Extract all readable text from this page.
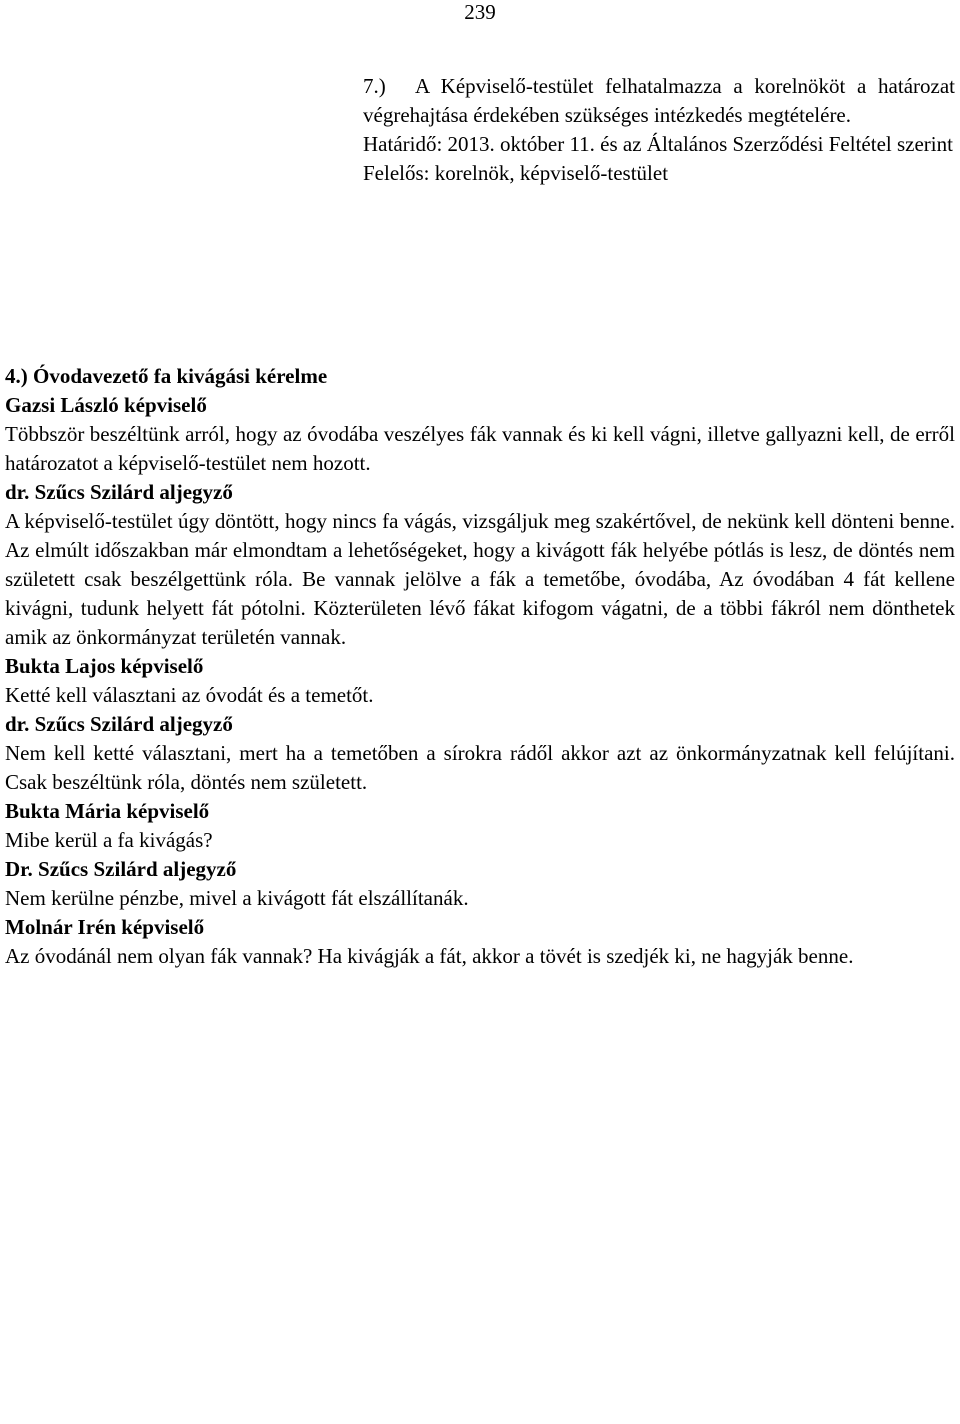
239

7.) A Képviselő-testület felhatalmazza a korelnököt a határozat végrehajtása érdekében szükséges intézkedés megtételére.

Határidő: 2013. október 11. és az Általános Szerződési Feltétel szerint

Felelős: korelnök, képviselő-testület

4.) Óvodavezető fa kivágási kérelme

Gazsi László képviselő

Többször beszéltünk arról, hogy az óvodába veszélyes fák vannak és ki kell vágni, illetve gallyazni kell, de erről határozatot a képviselő-testület nem hozott.

dr. Szűcs Szilárd aljegyző

A képviselő-testület úgy döntött, hogy nincs fa vágás, vizsgáljuk meg szakértővel, de nekünk kell dönteni benne. Az elmúlt időszakban már elmondtam a lehetőségeket, hogy a kivágott fák helyébe pótlás is lesz, de döntés nem született csak beszélgettünk róla. Be vannak jelölve a fák a temetőbe, óvodába, Az óvodában 4 fát kellene kivágni, tudunk helyett fát pótolni. Közterületen lévő fákat kifogom vágatni, de a többi fákról nem dönthetek amik az önkormányzat területén vannak.

Bukta Lajos képviselő

Ketté kell választani az óvodát és a temetőt.

dr. Szűcs Szilárd aljegyző

Nem kell ketté választani, mert ha a temetőben a sírokra rádől akkor azt az önkormányzatnak kell felújítani. Csak beszéltünk róla, döntés nem született.

Bukta Mária képviselő

Mibe kerül a fa kivágás?

Dr. Szűcs Szilárd aljegyző

Nem kerülne pénzbe, mivel a kivágott fát elszállítanák.

Molnár Irén képviselő

Az óvodánál nem olyan fák vannak? Ha kivágják a fát, akkor a tövét is szedjék ki, ne hagyják benne.
